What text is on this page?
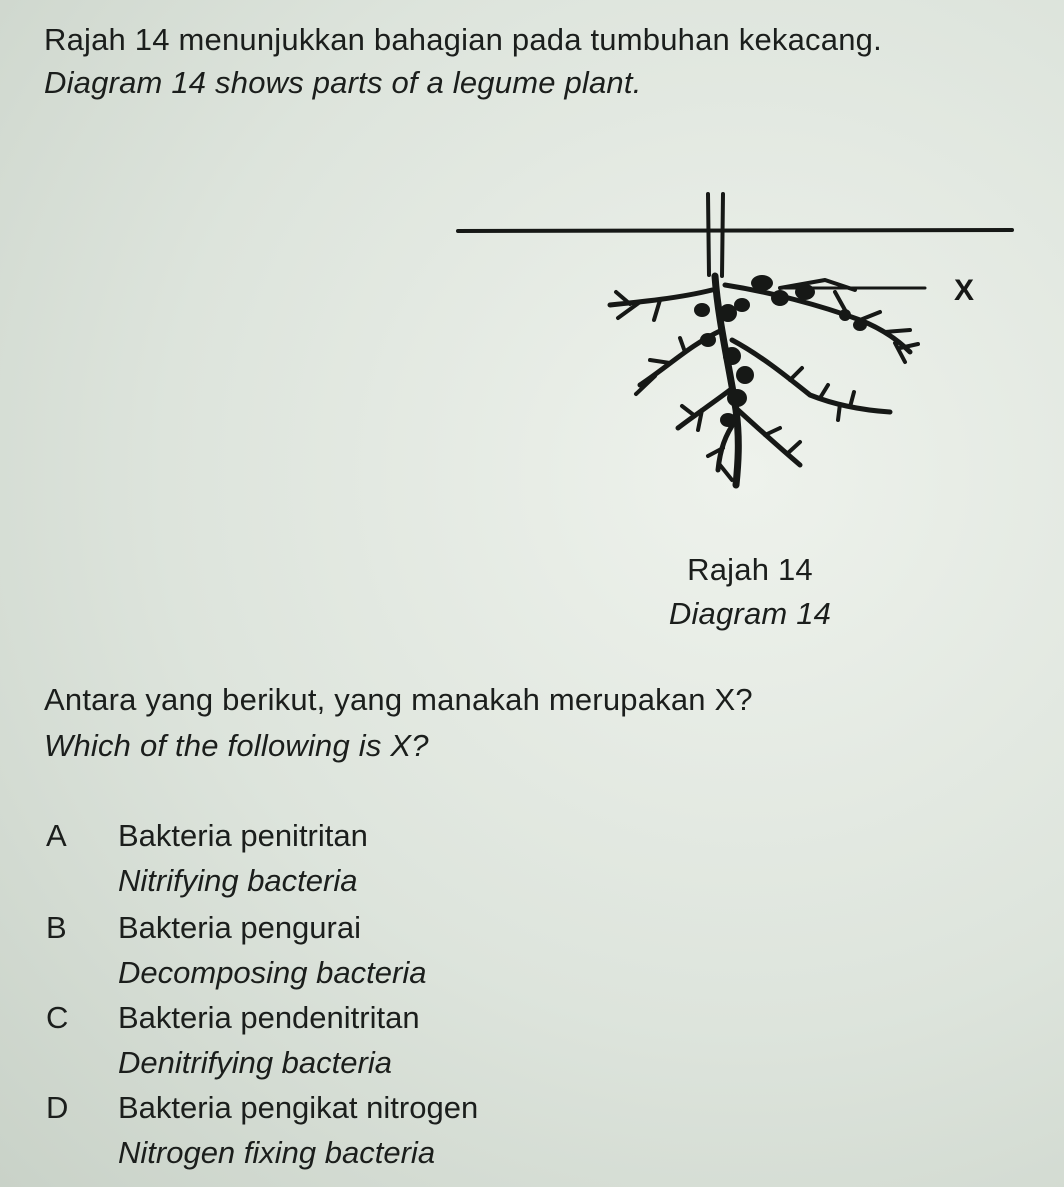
Rajah 14 menunjukkan bahagian pada tumbuhan kekacang.
Diagram 14 shows parts of a legume plant.
X
Rajah 14
Diagram 14
Antara yang berikut, yang manakah merupakan X?
Which of the following is X?
A Bakteria penitritan
Nitrifying bacteria
B Bakteria pengurai
Decomposing bacteria
C Bakteria pendenitritan
Denitrifying bacteria
D Bakteria pengikat nitrogen
Nitrogen fixing bacteria
